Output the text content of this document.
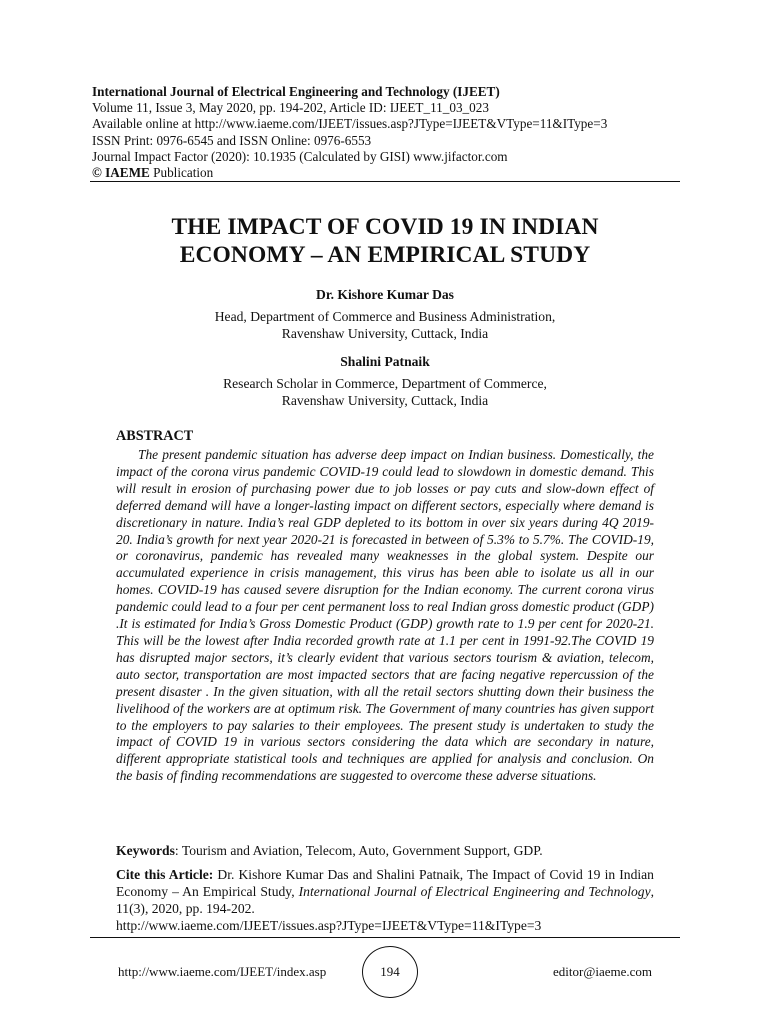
International Journal of Electrical Engineering and Technology (IJEET)
Volume 11, Issue 3, May 2020, pp. 194-202, Article ID: IJEET_11_03_023
Available online at http://www.iaeme.com/IJEET/issues.asp?JType=IJEET&VType=11&IType=3
ISSN Print: 0976-6545 and ISSN Online: 0976-6553
Journal Impact Factor (2020): 10.1935 (Calculated by GISI) www.jifactor.com
© IAEME Publication
THE IMPACT OF COVID 19 IN INDIAN
ECONOMY – AN EMPIRICAL STUDY
Dr. Kishore Kumar Das
Head, Department of Commerce and Business Administration,
Ravenshaw University, Cuttack, India
Shalini Patnaik
Research Scholar in Commerce, Department of Commerce,
Ravenshaw University, Cuttack, India
ABSTRACT
The present pandemic situation has adverse deep impact on Indian business. Domestically, the impact of the corona virus pandemic COVID-19 could lead to slowdown in domestic demand. This will result in erosion of purchasing power due to job losses or pay cuts and slow-down effect of deferred demand will have a longer-lasting impact on different sectors, especially where demand is discretionary in nature. India’s real GDP depleted to its bottom in over six years during 4Q 2019-20. India’s growth for next year 2020-21 is forecasted in between of 5.3% to 5.7%. The COVID-19, or coronavirus, pandemic has revealed many weaknesses in the global system. Despite our accumulated experience in crisis management, this virus has been able to isolate us all in our homes. COVID-19 has caused severe disruption for the Indian economy. The current corona virus pandemic could lead to a four per cent permanent loss to real Indian gross domestic product (GDP) .It is estimated for India’s Gross Domestic Product (GDP) growth rate to 1.9 per cent for 2020-21. This will be the lowest after India recorded growth rate at 1.1 per cent in 1991-92.The COVID 19 has disrupted major sectors, it’s clearly evident that various sectors tourism & aviation, telecom, auto sector, transportation are most impacted sectors that are facing negative repercussion of the present disaster . In the given situation, with all the retail sectors shutting down their business the livelihood of the workers are at optimum risk. The Government of many countries has given support to the employers to pay salaries to their employees. The present study is undertaken to study the impact of COVID 19 in various sectors considering the data which are secondary in nature, different appropriate statistical tools and techniques are applied for analysis and conclusion. On the basis of finding recommendations are suggested to overcome these adverse situations.
Keywords: Tourism and Aviation, Telecom, Auto, Government Support, GDP.
Cite this Article: Dr. Kishore Kumar Das and Shalini Patnaik, The Impact of Covid 19 in Indian Economy – An Empirical Study, International Journal of Electrical Engineering and Technology, 11(3), 2020, pp. 194-202.
http://www.iaeme.com/IJEET/issues.asp?JType=IJEET&VType=11&IType=3
http://www.iaeme.com/IJEET/index.asp	194	editor@iaeme.com
